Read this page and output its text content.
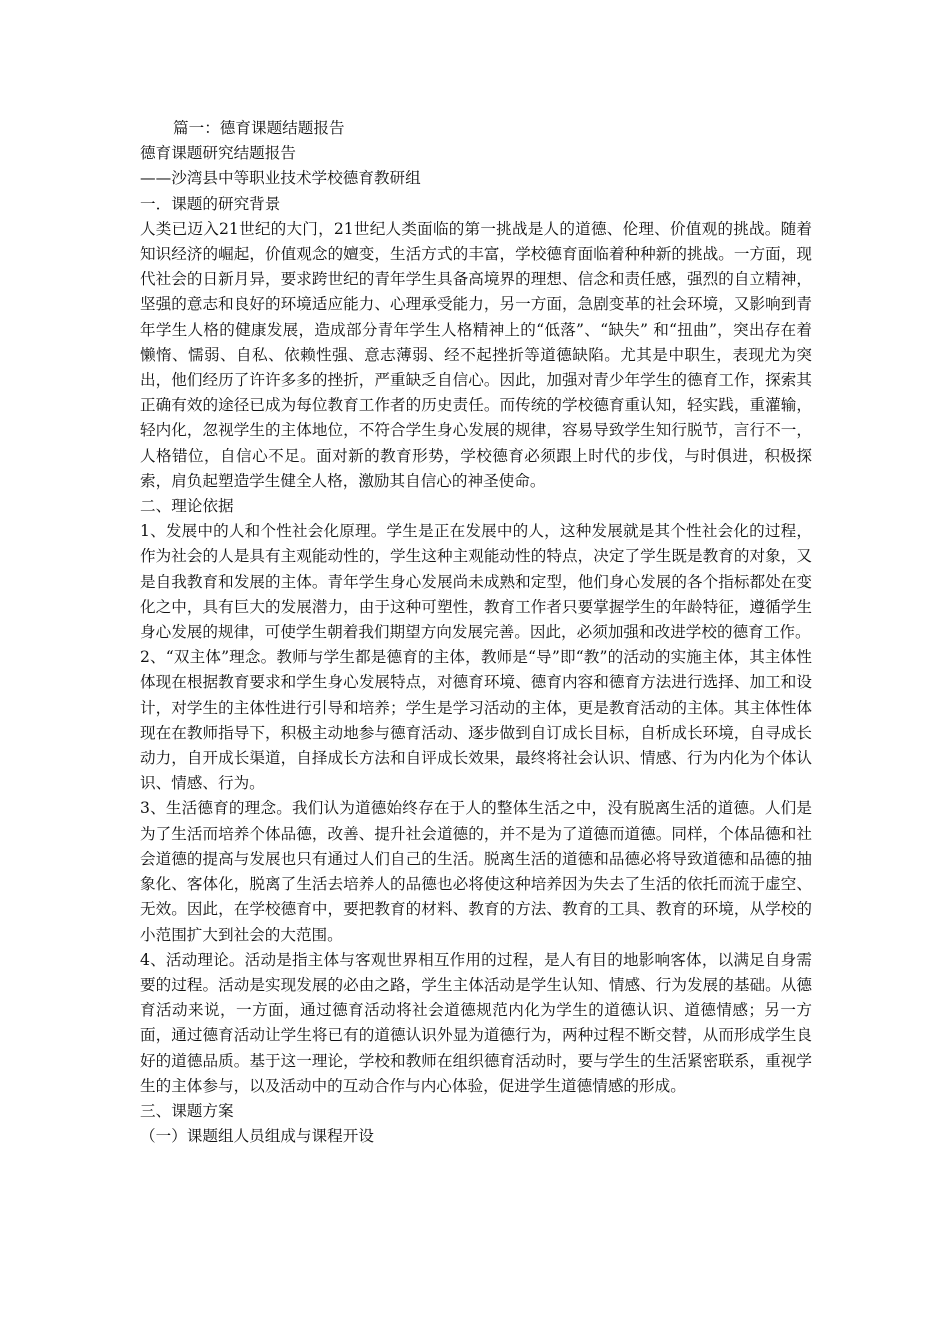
篇一：德育课题结题报告

德育课题研究结题报告

——沙湾县中等职业技术学校德育教研组

一．课题的研究背景

人类已迈入21世纪的大门，21世纪人类面临的第一挑战是人的道德、伦理、价值观的挑战。随着知识经济的崛起，价值观念的嬗变，生活方式的丰富，学校德育面临着种种新的挑战。一方面，现代社会的日新月异，要求跨世纪的青年学生具备高境界的理想、信念和责任感，强烈的自立精神，坚强的意志和良好的环境适应能力、心理承受能力，另一方面，急剧变革的社会环境，又影响到青年学生人格的健康发展，造成部分青年学生人格精神上的“低落”、“缺失” 和“扭曲”，突出存在着懒惰、懦弱、自私、依赖性强、意志薄弱、经不起挫折等道德缺陷。尤其是中职生，表现尤为突出，他们经历了许许多多的挫折，严重缺乏自信心。因此，加强对青少年学生的德育工作，探索其正确有效的途径已成为每位教育工作者的历史责任。而传统的学校德育重认知，轻实践，重灌输，轻内化，忽视学生的主体地位，不符合学生身心发展的规律，容易导致学生知行脱节，言行不一，人格错位，自信心不足。面对新的教育形势，学校德育必须跟上时代的步伐，与时俱进，积极探索，肩负起塑造学生健全人格，激励其自信心的神圣使命。

二、理论依据

1、发展中的人和个性社会化原理。学生是正在发展中的人，这种发展就是其个性社会化的过程，作为社会的人是具有主观能动性的，学生这种主观能动性的特点，决定了学生既是教育的对象，又是自我教育和发展的主体。青年学生身心发展尚未成熟和定型，他们身心发展的各个指标都处在变化之中，具有巨大的发展潜力，由于这种可塑性，教育工作者只要掌握学生的年龄特征，遵循学生身心发展的规律，可使学生朝着我们期望方向发展完善。因此，必须加强和改进学校的德育工作。

2、“双主体”理念。教师与学生都是德育的主体，教师是“导”即“教”的活动的实施主体，其主体性体现在根据教育要求和学生身心发展特点，对德育环境、德育内容和德育方法进行选择、加工和设计，对学生的主体性进行引导和培养；学生是学习活动的主体，更是教育活动的主体。其主体性体现在在教师指导下，积极主动地参与德育活动、逐步做到自订成长目标，自析成长环境，自寻成长动力，自开成长渠道，自择成长方法和自评成长效果，最终将社会认识、情感、行为内化为个体认识、情感、行为。

3、生活德育的理念。我们认为道德始终存在于人的整体生活之中，没有脱离生活的道德。人们是为了生活而培养个体品德，改善、提升社会道德的，并不是为了道德而道德。同样，个体品德和社会道德的提高与发展也只有通过人们自己的生活。脱离生活的道德和品德必将导致道德和品德的抽象化、客体化，脱离了生活去培养人的品德也必将使这种培养因为失去了生活的依托而流于虚空、无效。因此，在学校德育中，要把教育的材料、教育的方法、教育的工具、教育的环境，从学校的小范围扩大到社会的大范围。

4、活动理论。活动是指主体与客观世界相互作用的过程，是人有目的地影响客体，以满足自身需要的过程。活动是实现发展的必由之路，学生主体活动是学生认知、情感、行为发展的基础。从德育活动来说，一方面，通过德育活动将社会道德规范内化为学生的道德认识、道德情感；另一方面，通过德育活动让学生将已有的道德认识外显为道德行为，两种过程不断交替，从而形成学生良好的道德品质。基于这一理论，学校和教师在组织德育活动时，要与学生的生活紧密联系，重视学生的主体参与，以及活动中的互动合作与内心体验，促进学生道德情感的形成。

三、课题方案

（一）课题组人员组成与课程开设
